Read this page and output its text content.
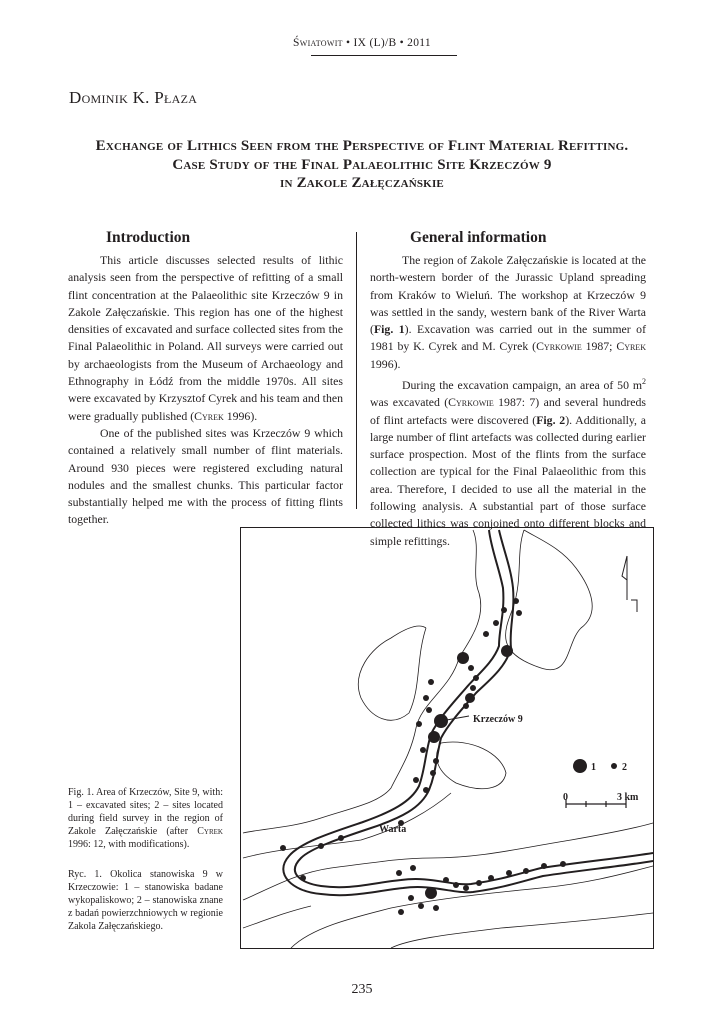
Światowit • IX (L)/B • 2011
Dominik K. Płaza
Exchange of Lithics Seen from the Perspective of Flint Material Refitting.
Case Study of the Final Palaeolithic Site Krzeczów 9
in Zakole Załęczańskie
Introduction	General information

This article discusses selected results of lithic analysis seen from the perspective of refitting of a small flint concentration at the Palaeolithic site Krzeczów 9 in Zakole Załęczańskie. This region has one of the highest densities of excavated and surface collected sites from the Final Palaeolithic in Poland. All surveys were carried out by archaeologists from the Museum of Archaeology and Ethnography in Łódź from the middle 1970s. All sites were excavated by Krzysztof Cyrek and his team and then were gradually published (Cyrek 1996).

One of the published sites was Krzeczów 9 which contained a relatively small number of flint materials. Around 930 pieces were registered excluding natural nodules and the smallest chunks. This particular factor substantially helped me with the process of fitting flints together.

The region of Zakole Załęczańskie is located at the north-western border of the Jurassic Upland spreading from Kraków to Wieluń. The workshop at Krzeczów 9 was settled in the sandy, western bank of the River Warta (Fig. 1). Excavation was carried out in the summer of 1981 by K. Cyrek and M. Cyrek (Cyrkowie 1987; Cyrek 1996).

During the excavation campaign, an area of 50 $m^2$ was excavated (Cyrkowie 1987: 7) and several hundreds of flint artefacts were discovered (Fig. 2). Additionally, a large number of flint artefacts was collected during earlier surface prospection. Most of the flints from the surface collection are typical for the Final Palaeolithic from this area. Therefore, I decided to use all the material in the following analysis. A substantial part of those surface collected lithics was conjoined onto different blocks and simple refittings.

Krzeczów 9
Warta
1	2
0	3 km
Fig. 1. Area of Krzeczów, Site 9, with: 1 – excavated sites; 2 – sites located during field survey in the region of Zakole Załęczańskie (after Cyrek 1996: 12, with modifications).
Ryc. 1. Okolica stanowiska 9 w Krzeczowie: 1 – stanowiska badane wykopaliskowo; 2 – stanowiska znane z badań powierzchniowych w regionie Zakola Załęczańskiego.
235
